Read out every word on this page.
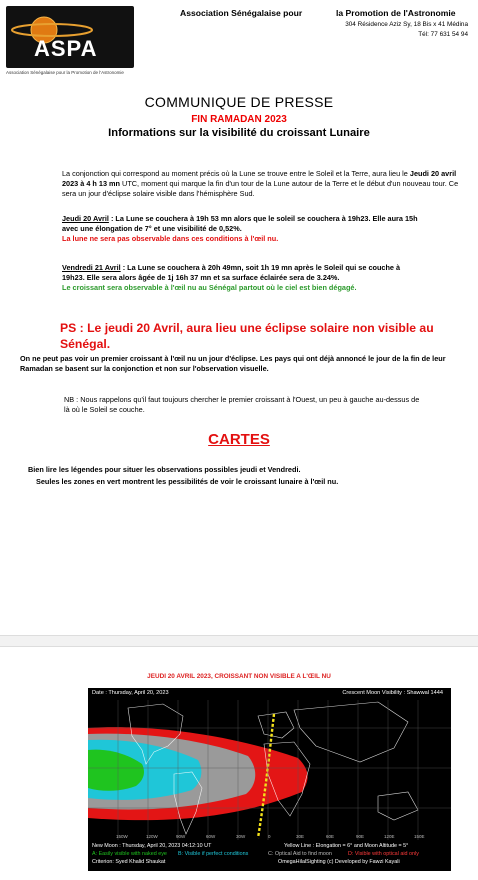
ASPA
Association Sénégalaise pour la Promotion de l'Astronomie
Association Sénégalaise pour	la Promotion de l'Astronomie
304 Résidence Aziz Sy, 18 Bis x 41 Médina
Tél: 77 631 54 94
COMMUNIQUE DE PRESSE
FIN RAMADAN 2023
Informations sur la visibilité du croissant Lunaire
La conjonction qui correspond au moment précis où la Lune se trouve entre le Soleil et la Terre, aura lieu le Jeudi 20 avril 2023 à 4 h 13 mn UTC, moment qui marque la fin d'un tour de la Lune autour de la Terre et le début d'un nouveau tour. Ce sera un jour d'éclipse solaire visible dans l'hémisphère Sud.
Jeudi 20 Avril : La Lune se couchera à 19h 53 mn alors que le soleil se couchera à 19h23. Elle aura 15h avec une élongation de 7° et une visibilité de 0,52%.
La lune ne sera pas observable dans ces conditions à l'œil nu.
Vendredi 21 Avril : La Lune se couchera à 20h 49mn, soit 1h 19 mn après le Soleil qui se couche à 19h23. Elle sera alors âgée de 1j 16h 37 mn et sa surface éclairée sera de 3.24%.
Le croissant sera observable à l'œil nu au Sénégal partout où le ciel est bien dégagé.
PS : Le jeudi 20 Avril, aura lieu une éclipse solaire non visible au Sénégal.
On ne peut pas voir un premier croissant à l'œil nu un jour d'éclipse. Les pays qui ont déjà annoncé le jour de la fin de leur Ramadan se basent sur la conjonction et non sur l'observation visuelle.
NB : Nous rappelons qu'il faut toujours chercher le premier croissant à l'Ouest, un peu à gauche au-dessus de là où le Soleil se couche.
CARTES
Bien lire les légendes pour situer les observations possibles jeudi et Vendredi.
Seules les zones en vert montrent les pessibilités de voir le croissant lunaire à l'œil nu.
JEUDI 20 AVRIL 2023, CROISSANT NON VISIBLE A L'ŒIL NU
Date : Thursday, April 20, 2023	Crescent Moon Visibility : Shawwal 1444
150W	120W	90W	60W	30W	0	30E	60E	90E	120E	150E
New Moon : Thursday, April 20, 2023 04:12:10 UT	Yellow Line : Elongation = 6° and Moon Altitude = 5°
A: Easily visible with naked eye B: Visible if perfect conditions	C: Optical Aid to find moon	D: Visible with optical aid only
Criterion: Syed Khalid Shaukat	OmegaHilalSighting (c) Developed by Fawzi Kayali
